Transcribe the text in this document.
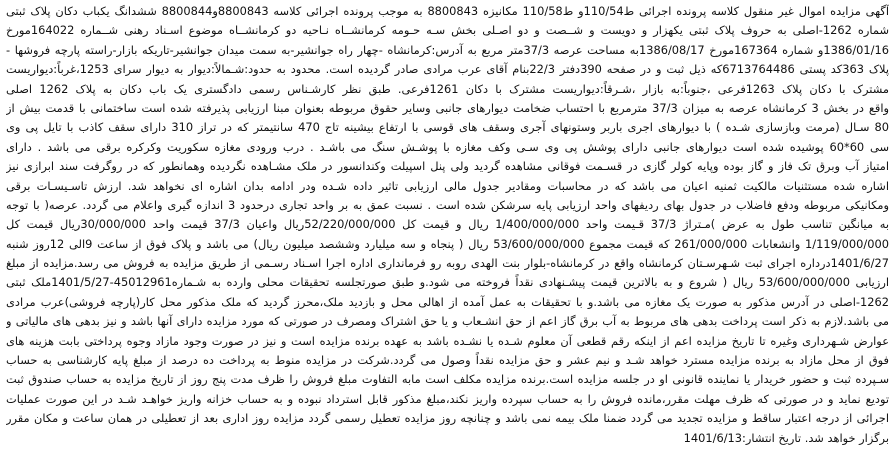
آگهی مزایده اموال غیر منقول کلاسه پرونده اجرائی ط110/54و ط110/58 مکانیزه 8800843 به موجب پرونده اجرائی کلاسه 8800843و8800844 ششدانگ یکباب دکان پلاک ثبتی
شماره 1262-اصلی به حروف پلاک ثبتی یکهزار و دویست و شــصت و دو اصـلی بخش سـه حـومه کرمانشــاه نـاحیه دو کرمانشــاه موضوع اسـناد رهنی شــماره 164022مورخ
1386/01/16و شماره 167364مورخ 1386/08/17به مساحت عرصه 37/3متر مربع به آدرس:کرمانشاه -چهار راه جوانشیر-به سمت میدان جوانشیر-تاریکه بازار-راسته پارچه فروشها -
پلاک 363کد پستی 6713764486که ذیل ثبت و در صفحه 390دفتر 22/3بنام آقای عرب مرادی صادر گردیده است. محدود به حدود:شـمالاً:دیوار به دیوار سرای 1253،غرباً:دیواریست
مشترک با دکان پلاک 1263فرعی ،جنوباً:به بازار ،شـرقاً:دیواریست مشترک با دکان 1261فرعی. طبق نظر کارشـناس رسمی دادگستری یک باب دکان به پلاک 1262 اصلی
واقع در بخش 3 کرمانشاه عرصه به میزان 37/3 مترمربع با احتساب ضخامت دیوارهای جانبی وسایر حقوق مربوطه بعنوان مبنا ارزیابی پذیرفته شده است ساختمانی با قدمت بیش از
80 سـال (مرمت وبازسازی شـده ) با دیوارهای اجری باربر وستونهای آجری وسقف های قوسی با ارتفاع بیشینه تاج 470 سانتیمتر که در تراز 310 دارای سقف کاذب با تایل پی وی
سی 60*60 پوشیده شده است دیوارهای جانبی دارای پوشش پی وی سـی وکف مغازه با پوشـش سنگ می باشـد . درب ورودی مغازه سکوریت وکرکره برقی می باشد . دارای
امتیاز آب وبرق تک فاز و گاز بوده وپایه کولر گازی در قسـمت فوقانی مشاهده گردید ولی پنل اسپیلت وکندانسور در ملک مشـاهده نگردیده وهمانطور که در روگرفت سند ابرازی نیز
اشاره شده مستثنیات مالکیت ثمنیه اعیان می باشد که در محاسبات ومقادیر جدول مالی ارزیابی تاثیر داده شـده ودر ادامه بدان اشاره ای نخواهد شد. ارزش تاسـیسـات برقی
ومکانیکی مربوطه ودفع فاضلاب در جدول بهای ردیفهای واحد ارزیابی پایه سرشکن شده است . نسبت عمق به بر واحد تجاری درحدود 3 اندازه گیری واعلام می گردد. عرصه( با توجه
به میانگین تناسب طول به عرض )مـتراژ 37/3 قـیمت واحد 1/400/000/000 ریال و قیمت کل 52/220/000/000ریال واعیان 37/3 قیمت واحد 30/000/000ریال قیمت کل
1/119/000/000 وانشعابات 261/000/000 که قیمت مجموع 53/600/000/000 ریال ( پنجاه و سه میلیارد وششصد میلیون ریال) می باشد و پلاک فوق از ساعت 9الی 12روز شنبه
1401/6/27درداره اجرای ثبت شـهرسـتان کرمانشاه واقع در کرمانشاه-بلوار بنت الهدی روبه رو فرمانداری اداره اجرا اسـناد رسـمی از طریق مزایده به فروش می رسد.مزایده از مبلغ
ارزیابی 53/600/000/000 ریال ( شروع و به بالاترین قیمت پیشـنهادی نقداً فروخته می شود.و طبق صورتجلسه تحقیقات محلی وارده به شـماره45012961-1401/5/27ملک ثبتی
1262-اصلی در آدرس مذکور به صورت یک مغازه می باشد.و با تحقیقات به عمل آمده از اهالی محل و بازدید ملک،محرز گردید که ملک مذکور محل کار(پارچه فروشی)عرب مرادی
می باشد.لازم به ذکر است پرداخت بدهی های مربوط به آب برق گاز اعم از حق انشـعاب و یا حق اشتراک ومصرف در صورتی که مورد مزایده دارای آنها باشد و نیز بدهی های مالیاتی و
عوارض شـهرداری وغیره تا تاریخ مزایده اعم از اینکه رقم قطعی آن معلوم شـده یا نشـده باشد به عهده برنده مزایده است و نیز در صورت وجود مازاد وجوه پرداختی بابت هزینه های
فوق از محل مازاد به برنده مزایده مسترد خواهد شـد و نیم عشر و حق مزایده نقداً وصول می گردد.شرکت در مزایده منوط به پرداخت ده درصد از مبلغ پایه کارشناسی به حساب
سـپرده ثبت و حضور خریدار یا نماینده قانونی او در جلسه مزایده است.برنده مزایده مکلف است مابه التفاوت مبلغ فروش را ظرف مدت پنج روز از تاریخ مزایده به حساب صندوق ثبت
تودیع نماید و در صورتی که ظرف مهلت مقرر،مانده فروش را به حساب سپرده واریز نکند،مبلغ مذکور قابل استرداد نبوده و به حساب خزانه واریز خواهـد شـد در این صورت عملیات
اجرائی از درجه اعتبار ساقط و مزایده تجدید می گردد ضمنا ملک بیمه نمی باشد و چنانچه روز مزایده تعطیل رسمی گردد مزایده روز اداری بعد از تعطیلی در همان ساعت و مکان مقرر
برگزار خواهد شد. تاریخ انتشار:1401/6/13
